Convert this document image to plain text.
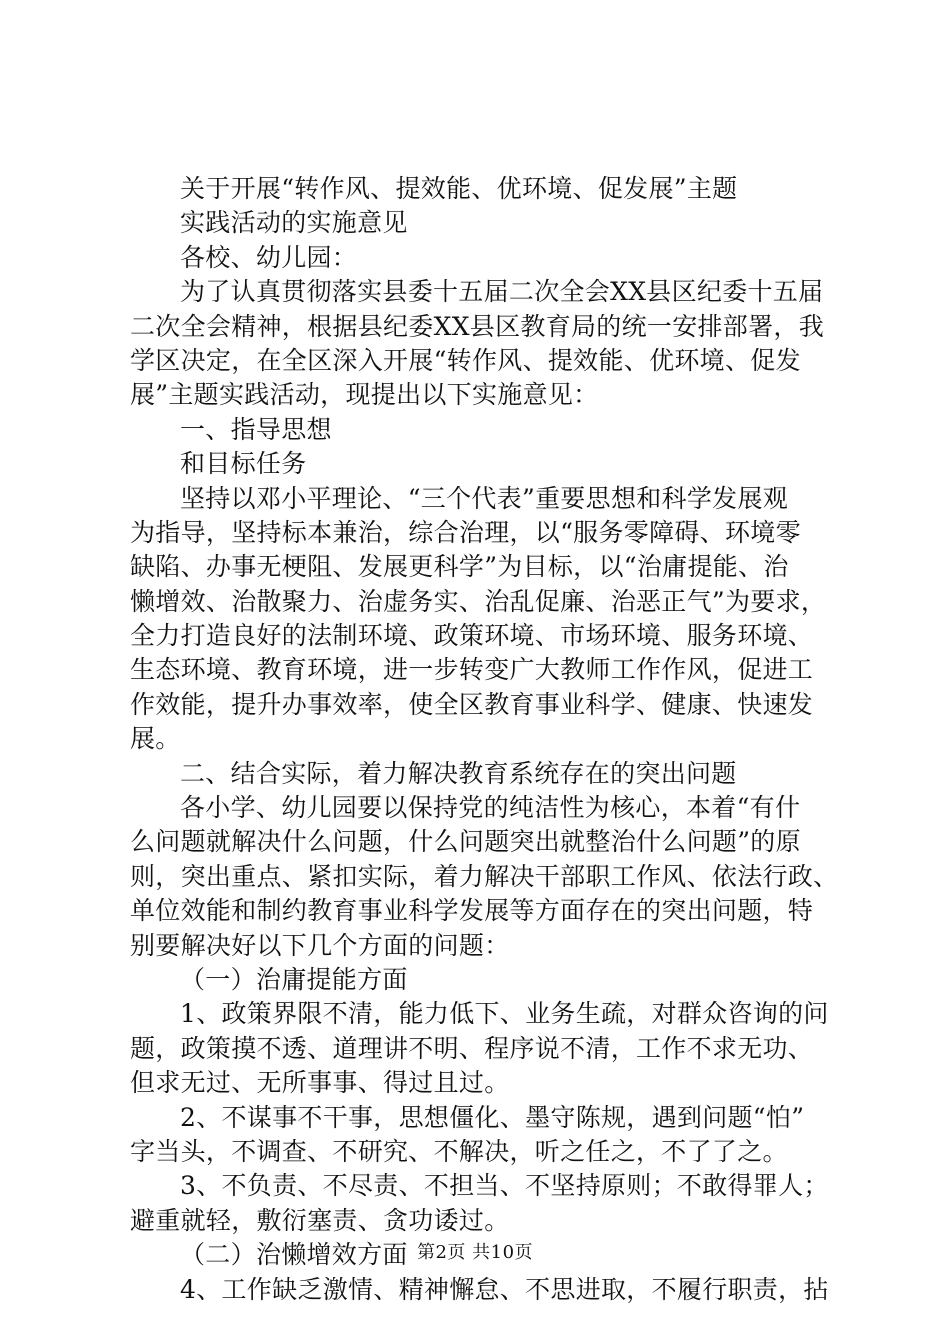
关于开展“转作风、提效能、优环境、促发展”主题
实践活动的实施意见
各校、幼儿园：
为了认真贯彻落实县委十五届二次全会XX县区纪委十五届
二次全会精神，根据县纪委XX县区教育局的统一安排部署，我
学区决定，在全区深入开展“转作风、提效能、优环境、促发
展”主题实践活动，现提出以下实施意见：
一、指导思想
和目标任务
坚持以邓小平理论、“三个代表”重要思想和科学发展观
为指导，坚持标本兼治，综合治理，以“服务零障碍、环境零
缺陷、办事无梗阻、发展更科学”为目标，以“治庸提能、治
懒增效、治散聚力、治虚务实、治乱促廉、治恶正气”为要求，
全力打造良好的法制环境、政策环境、市场环境、服务环境、
生态环境、教育环境，进一步转变广大教师工作作风，促进工
作效能，提升办事效率，使全区教育事业科学、健康、快速发
展。
二、结合实际，着力解决教育系统存在的突出问题
各小学、幼儿园要以保持党的纯洁性为核心，本着“有什
么问题就解决什么问题，什么问题突出就整治什么问题”的原
则，突出重点、紧扣实际，着力解决干部职工作风、依法行政、
单位效能和制约教育事业科学发展等方面存在的突出问题，特
别要解决好以下几个方面的问题：
（一）治庸提能方面
1、政策界限不清，能力低下、业务生疏，对群众咨询的问
题，政策摸不透、道理讲不明、程序说不清，工作不求无功、
但求无过、无所事事、得过且过。
2、不谋事不干事，思想僵化、墨守陈规，遇到问题“怕”
字当头，不调查、不研究、不解决，听之任之，不了了之。
3、不负责、不尽责、不担当、不坚持原则；不敢得罪人；
避重就轻，敷衍塞责、贪功诿过。
（二）治懒增效方面
4、工作缺乏激情、精神懈怠、不思进取，不履行职责，拈
第2页 共10页
